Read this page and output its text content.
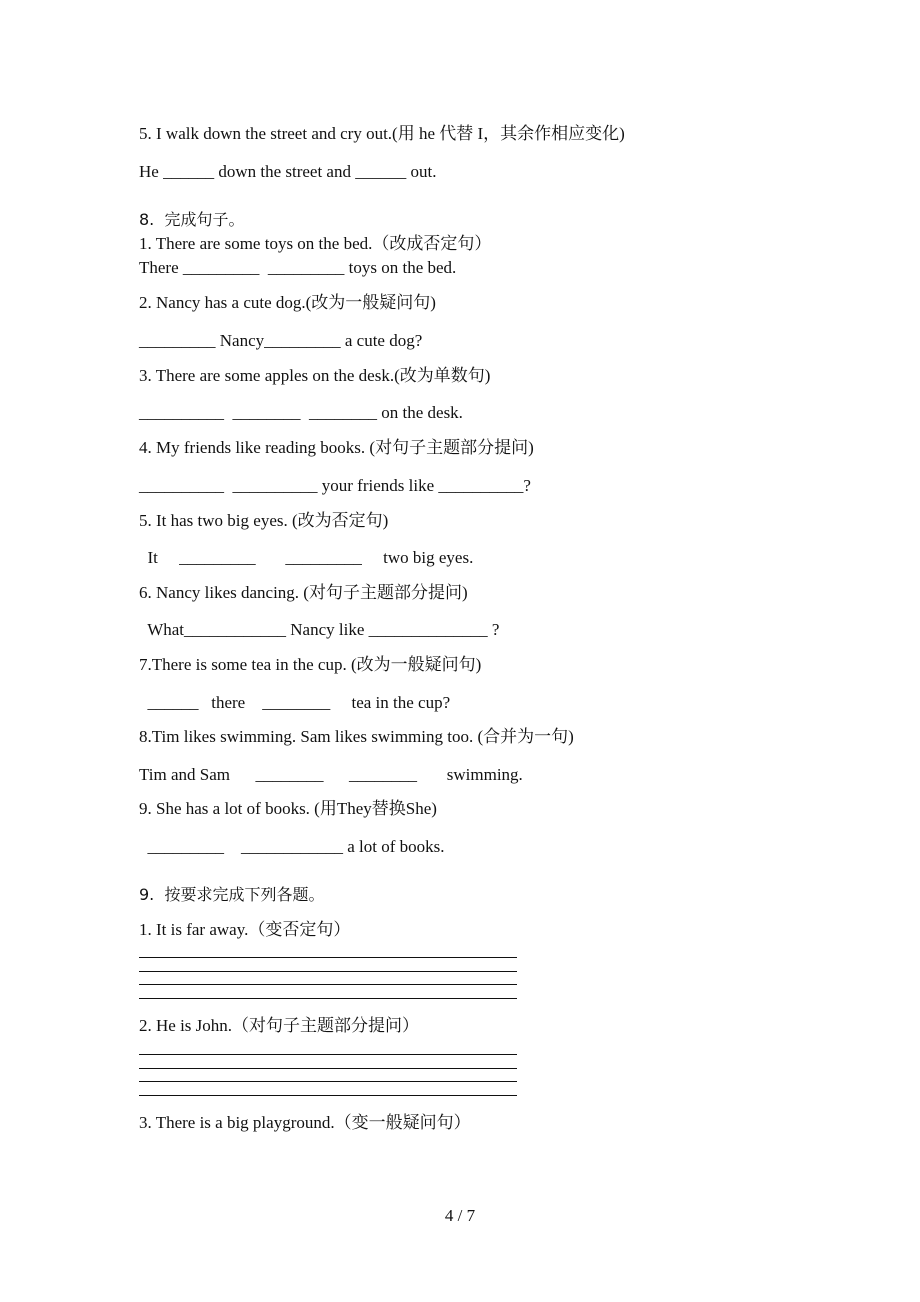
5. I walk down the street and cry out.(用 he 代替 I，其余作相应变化)
He ______ down the street and ______ out.
8.  完成句子。
1. There are some toys on the bed.（改成否定句）
There _________  _________ toys on the bed.
2. Nancy has a cute dog.(改为一般疑问句)
_________ Nancy_________ a cute dog?
3. There are some apples on the desk.(改为单数句)
__________  ________  ________ on the desk.
4. My friends like reading books. (对句子主题部分提问)
__________  __________ your friends like __________?
5. It has two big eyes. (改为否定句)
It     _________       _________     two big eyes.
6. Nancy likes dancing. (对句子主题部分提问)
What____________ Nancy like ______________ ?
7.There is some tea in the cup. (改为一般疑问句)
______   there    ________     tea in the cup?
8.Tim likes swimming. Sam likes swimming too. (合并为一句)
Tim and Sam      ________      ________       swimming.
9. She has a lot of books. (用They替换She)
_________    ____________ a lot of books.
9.  按要求完成下列各题。
1. It is far away.（变否定句）
2. He is John.（对句子主题部分提问）
3. There is a big playground.（变一般疑问句）
4 / 7
